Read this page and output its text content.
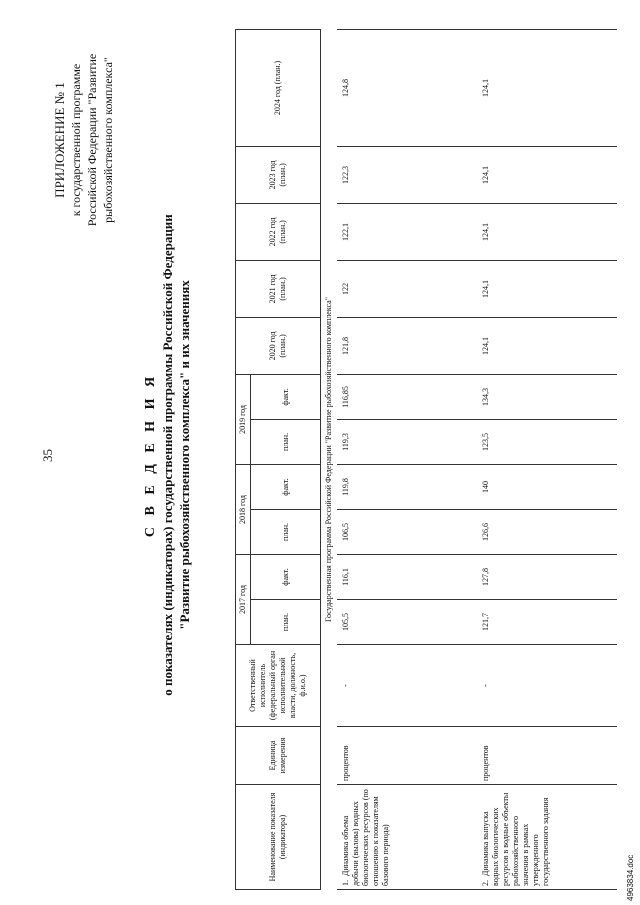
35
ПРИЛОЖЕНИЕ № 1 к государственной программе Российской Федерации "Развитие рыбохозяйственного комплекса"
С В Е Д Е Н И Я о показателях (индикаторах) государственной программы Российской Федерации "Развитие рыбохозяйственного комплекса" и их значениях
Наименование показателя (индикатора)	Единица измерения	Ответственный исполнитель (федеральный орган исполнительной власти, должность, ф.и.о.)	2017 год		2018 год		2019 год		2020 год (план.)	2021 год (план.)	2022 год (план.)	2023 год (план.)	2024 год (план.)
			план.	факт.	план.	факт.	план.	факт.					
Государственная программа Российской Федерации "Развитие рыбохозяйственного комплекса"													
1.  Динамика объема добычи (вылова) водных биологических ресурсов (по отношению к показателям базового периода)	процентов	-	105,5	116,1	106,5	119,8	119,3	116,85	121,8	122	122,1	122,3	124,8
2.  Динамика выпуска водных биологических ресурсов в водные объекты рыбохозяйственного значения в рамках утвержденного государственного задания	процентов	-	121,7	127,8	126,6	140	123,5	134,3	124,1	124,1	124,1	124,1	124,1
4963834.doc
